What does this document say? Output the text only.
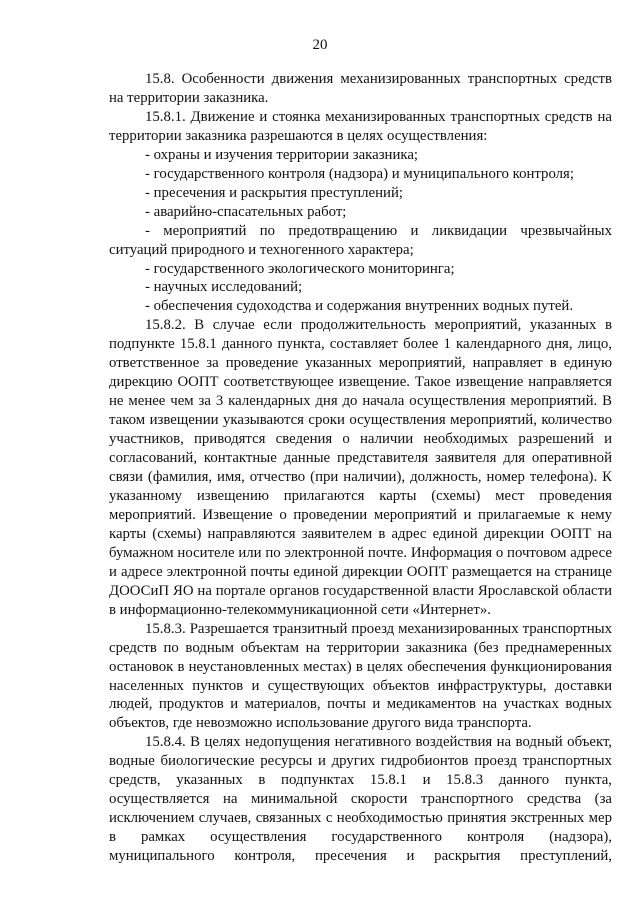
20

15.8. Особенности движения механизированных транспортных средств на территории заказника.

15.8.1. Движение и стоянка механизированных транспортных средств на территории заказника разрешаются в целях осуществления:

- охраны и изучения территории заказника;

- государственного контроля (надзора) и муниципального контроля;

- пресечения и раскрытия преступлений;

- аварийно-спасательных работ;

- мероприятий по предотвращению и ликвидации чрезвычайных
ситуаций природного и техногенного характера;

- государственного экологического мониторинга;

- научных исследований;

- обеспечения судоходства и содержания внутренних водных путей.

15.8.2. В случае если продолжительность мероприятий, указанных в подпункте 15.8.1 данного пункта, составляет более 1 календарного дня, лицо, ответственное за проведение указанных мероприятий, направляет в единую дирекцию ООПТ соответствующее извещение. Такое извещение направляется не менее чем за 3 календарных дня до начала осуществления мероприятий. В таком извещении указываются сроки осуществления мероприятий, количество участников, приводятся сведения о наличии необходимых разрешений и согласований, контактные данные представителя заявителя для оперативной связи (фамилия, имя, отчество (при наличии), должность, номер телефона). К указанному извещению прилагаются карты (схемы) мест проведения мероприятий. Извещение о проведении мероприятий и прилагаемые к нему карты (схемы) направляются заявителем в адрес единой дирекции ООПТ на бумажном носителе или по электронной почте. Информация о почтовом адресе и адресе электронной почты единой дирекции ООПТ размещается на странице ДООСиП ЯО на портале органов государственной власти Ярославской области в информационно-телекоммуникационной сети «Интернет».

15.8.3. Разрешается транзитный проезд механизированных транспортных средств по водным объектам на территории заказника (без преднамеренных остановок в неустановленных местах) в целях обеспечения функционирования населенных пунктов и существующих объектов инфраструктуры, доставки людей, продуктов и материалов, почты и медикаментов на участках водных объектов, где невозможно использование другого вида транспорта.

15.8.4. В целях недопущения негативного воздействия на водный объект, водные биологические ресурсы и других гидробионтов проезд транспортных средств, указанных в подпунктах 15.8.1 и 15.8.3 данного пункта, осуществляется на минимальной скорости транспортного средства (за исключением случаев, связанных с необходимостью принятия экстренных мер в рамках осуществления государственного контроля (надзора), муниципального контроля, пресечения и раскрытия преступлений,
